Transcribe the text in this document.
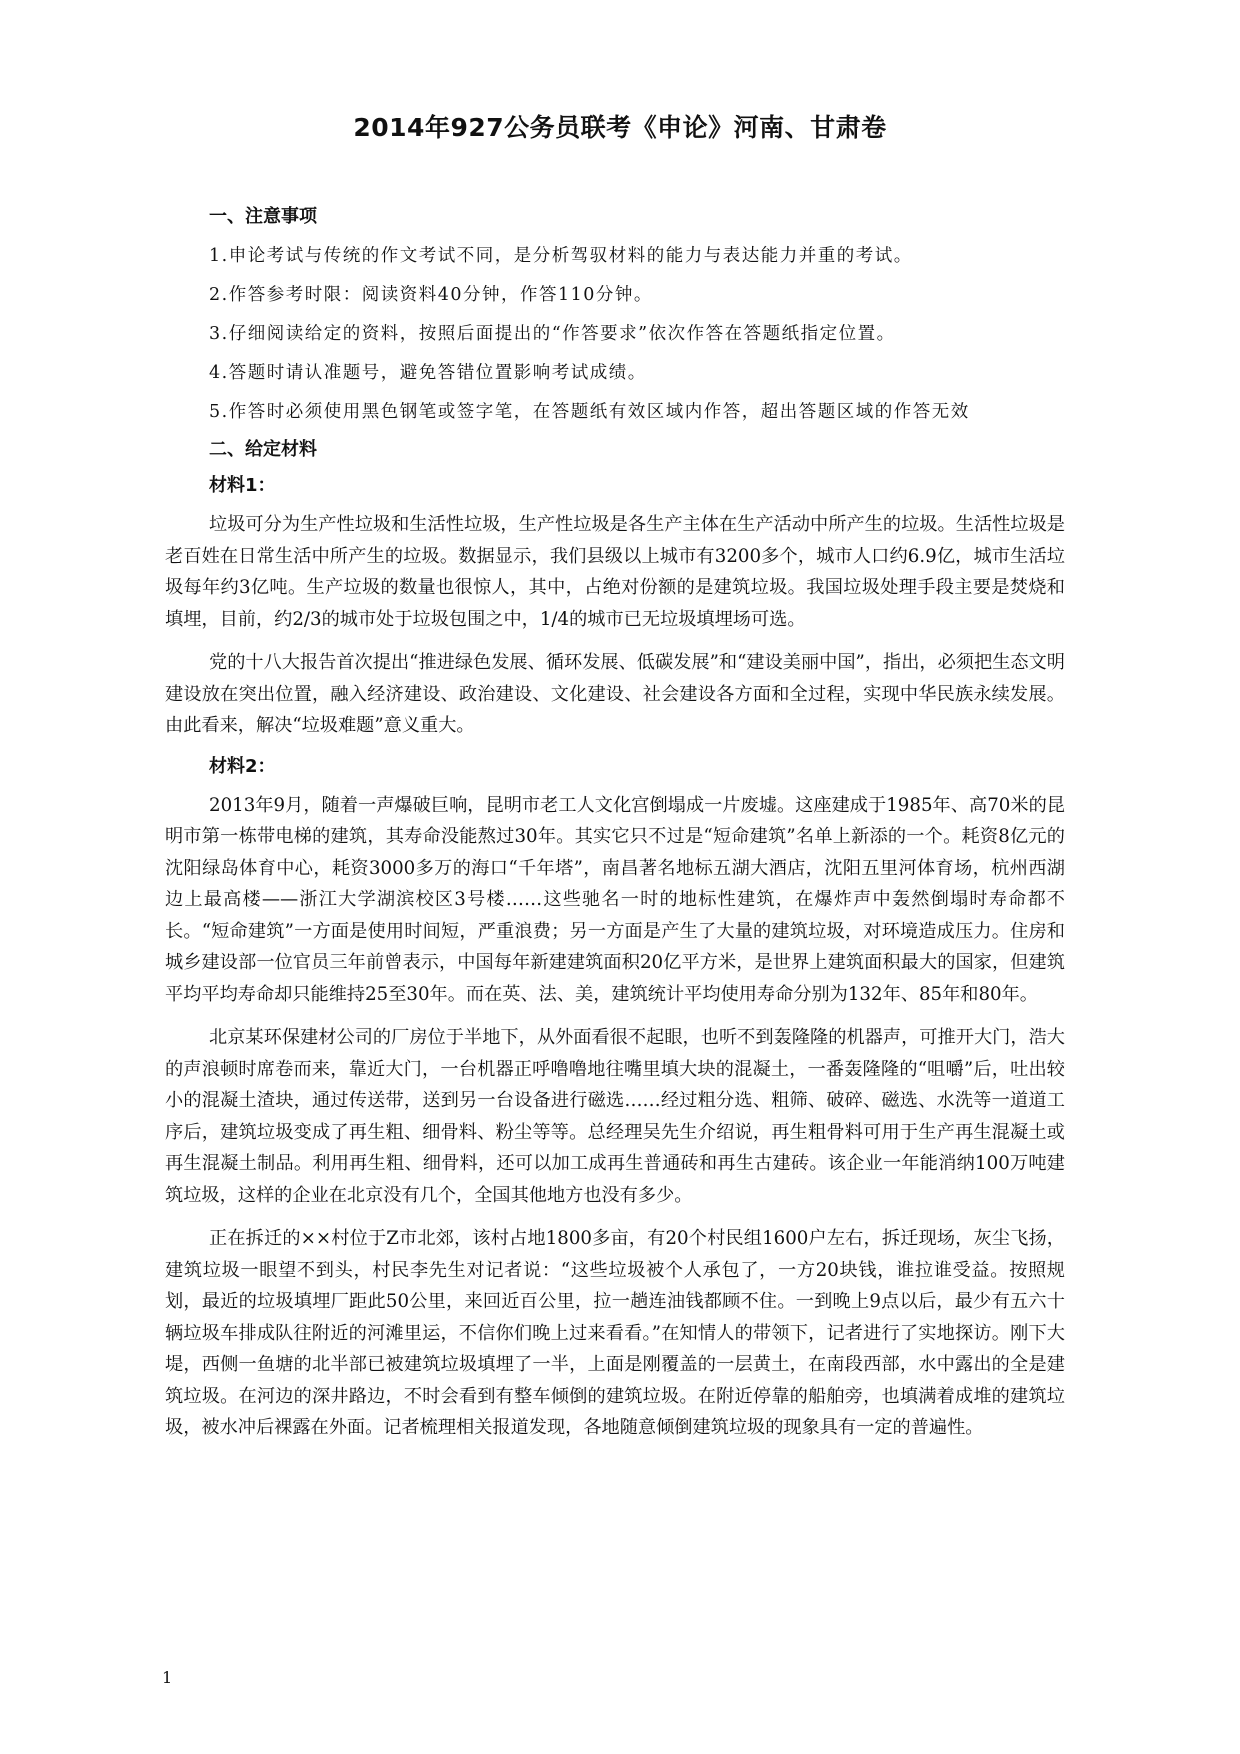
2014年927公务员联考《申论》河南、甘肃卷
一、注意事项

1.申论考试与传统的作文考试不同，是分析驾驭材料的能力与表达能力并重的考试。

2.作答参考时限：阅读资料40分钟，作答110分钟。

3.仔细阅读给定的资料，按照后面提出的“作答要求”依次作答在答题纸指定位置。

4.答题时请认准题号，避免答错位置影响考试成绩。

5.作答时必须使用黑色钢笔或签字笔，在答题纸有效区域内作答，超出答题区域的作答无效

二、给定材料
材料1：

垃圾可分为生产性垃圾和生活性垃圾，生产性垃圾是各生产主体在生产活动中所产生的垃圾。生活性垃圾是老百姓在日常生活中所产生的垃圾。数据显示，我们县级以上城市有3200多个，城市人口约6.9亿，城市生活垃圾每年约3亿吨。生产垃圾的数量也很惊人，其中，占绝对份额的是建筑垃圾。我国垃圾处理手段主要是焚烧和填埋，目前，约2/3的城市处于垃圾包围之中，1/4的城市已无垃圾填埋场可选。

党的十八大报告首次提出“推进绿色发展、循环发展、低碳发展”和“建设美丽中国”，指出，必须把生态文明建设放在突出位置，融入经济建设、政治建设、文化建设、社会建设各方面和全过程，实现中华民族永续发展。由此看来，解决“垃圾难题”意义重大。

材料2：

2013年9月，随着一声爆破巨响，昆明市老工人文化宫倒塌成一片废墟。这座建成于1985年、高70米的昆明市第一栋带电梯的建筑，其寿命没能熬过30年。其实它只不过是“短命建筑”名单上新添的一个。耗资8亿元的沈阳绿岛体育中心，耗资3000多万的海口“千年塔”，南昌著名地标五湖大酒店，沈阳五里河体育场，杭州西湖边上最高楼——浙江大学湖滨校区3号楼……这些驰名一时的地标性建筑，在爆炸声中轰然倒塌时寿命都不长。“短命建筑”一方面是使用时间短，严重浪费；另一方面是产生了大量的建筑垃圾，对环境造成压力。住房和城乡建设部一位官员三年前曾表示，中国每年新建建筑面积20亿平方米，是世界上建筑面积最大的国家，但建筑平均平均寿命却只能维持25至30年。而在英、法、美，建筑统计平均使用寿命分别为132年、85年和80年。

北京某环保建材公司的厂房位于半地下，从外面看很不起眼，也听不到轰隆隆的机器声，可推开大门，浩大的声浪顿时席卷而来，靠近大门，一台机器正呼噜噜地往嘴里填大块的混凝土，一番轰隆隆的“咀嚼”后，吐出较小的混凝土渣块，通过传送带，送到另一台设备进行磁选……经过粗分选、粗筛、破碎、磁选、水洗等一道道工序后，建筑垃圾变成了再生粗、细骨料、粉尘等等。总经理吴先生介绍说，再生粗骨料可用于生产再生混凝土或再生混凝土制品。利用再生粗、细骨料，还可以加工成再生普通砖和再生古建砖。该企业一年能消纳100万吨建筑垃圾，这样的企业在北京没有几个，全国其他地方也没有多少。

正在拆迁的××村位于Z市北郊，该村占地1800多亩，有20个村民组1600户左右，拆迁现场，灰尘飞扬，建筑垃圾一眼望不到头，村民李先生对记者说：“这些垃圾被个人承包了，一方20块钱，谁拉谁受益。按照规划，最近的垃圾填埋厂距此50公里，来回近百公里，拉一趟连油钱都顾不住。一到晚上9点以后，最少有五六十辆垃圾车排成队往附近的河滩里运，不信你们晚上过来看看。”在知情人的带领下，记者进行了实地探访。刚下大堤，西侧一鱼塘的北半部已被建筑垃圾填埋了一半，上面是刚覆盖的一层黄土，在南段西部，水中露出的全是建筑垃圾。在河边的深井路边，不时会看到有整车倾倒的建筑垃圾。在附近停靠的船舶旁，也填满着成堆的建筑垃圾，被水冲后裸露在外面。记者梳理相关报道发现，各地随意倾倒建筑垃圾的现象具有一定的普遍性。

1
